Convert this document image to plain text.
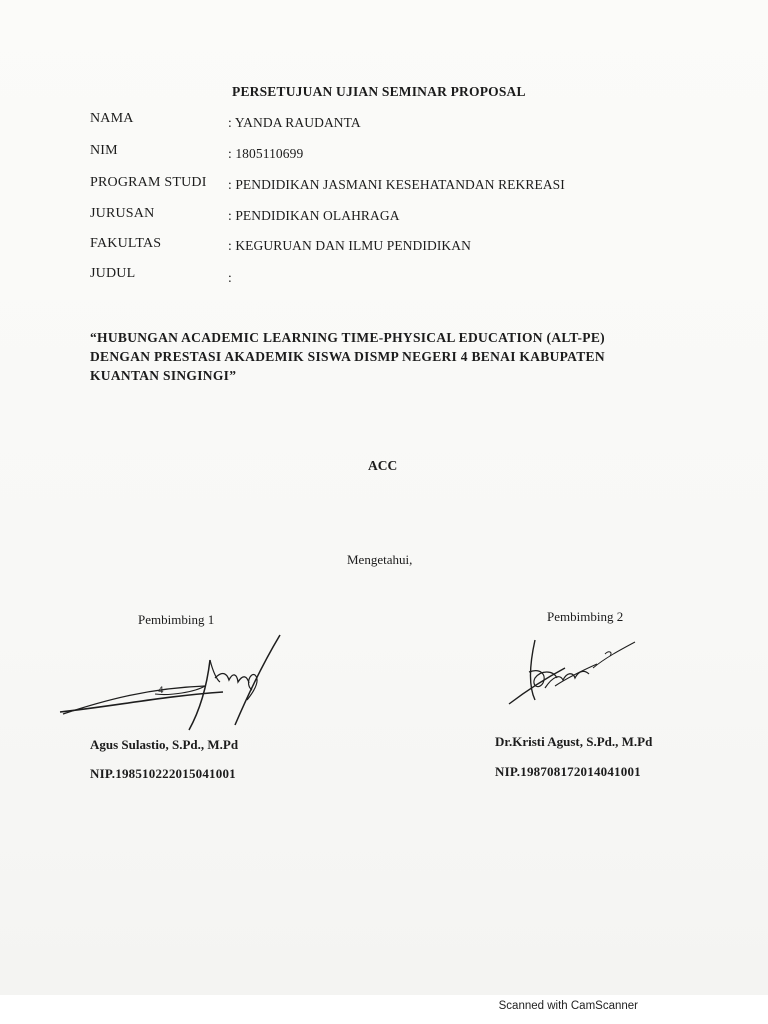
PERSETUJUAN UJIAN SEMINAR PROPOSAL
NAMA	: YANDA RAUDANTA
NIM	: 1805110699
PROGRAM STUDI : PENDIDIKAN JASMANI KESEHATANDAN REKREASI
JURUSAN	: PENDIDIKAN OLAHRAGA
FAKULTAS	: KEGURUAN DAN ILMU PENDIDIKAN
JUDUL	:
“HUBUNGAN ACADEMIC LEARNING TIME-PHYSICAL EDUCATION (ALT-PE)
DENGAN PRESTASI AKADEMIK SISWA DISMP NEGERI 4 BENAI KABUPATEN
KUANTAN SINGINGI”
ACC
Mengetahui,
Pembimbing 1
4
Agus Sulastio, S.Pd., M.Pd
NIP.198510222015041001
Pembimbing 2
Dr.Kristi Agust, S.Pd., M.Pd
NIP.198708172014041001
Scanned with CamScanner
